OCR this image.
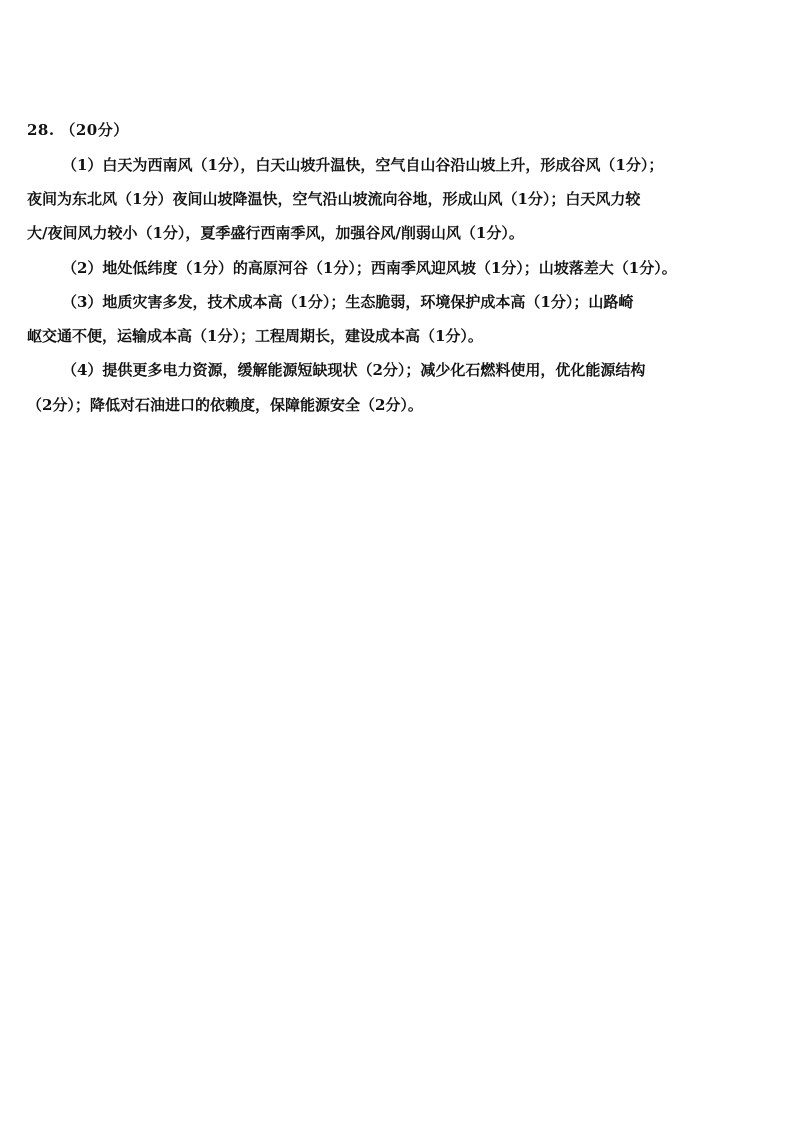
28. （20分）
（1）白天为西南风（1分），白天山坡升温快，空气自山谷沿山坡上升，形成谷风（1分）；
夜间为东北风（1分）夜间山坡降温快，空气沿山坡流向谷地，形成山风（1分）；白天风力较
大/夜间风力较小（1分），夏季盛行西南季风，加强谷风/削弱山风（1分）。
（2）地处低纬度（1分）的高原河谷（1分）；西南季风迎风坡（1分）；山坡落差大（1分）。
（3）地质灾害多发，技术成本高（1分）；生态脆弱，环境保护成本高（1分）；山路崎
岖交通不便，运输成本高（1分）；工程周期长，建设成本高（1分）。
（4）提供更多电力资源，缓解能源短缺现状（2分）；减少化石燃料使用，优化能源结构
（2分）；降低对石油进口的依赖度，保障能源安全（2分）。
